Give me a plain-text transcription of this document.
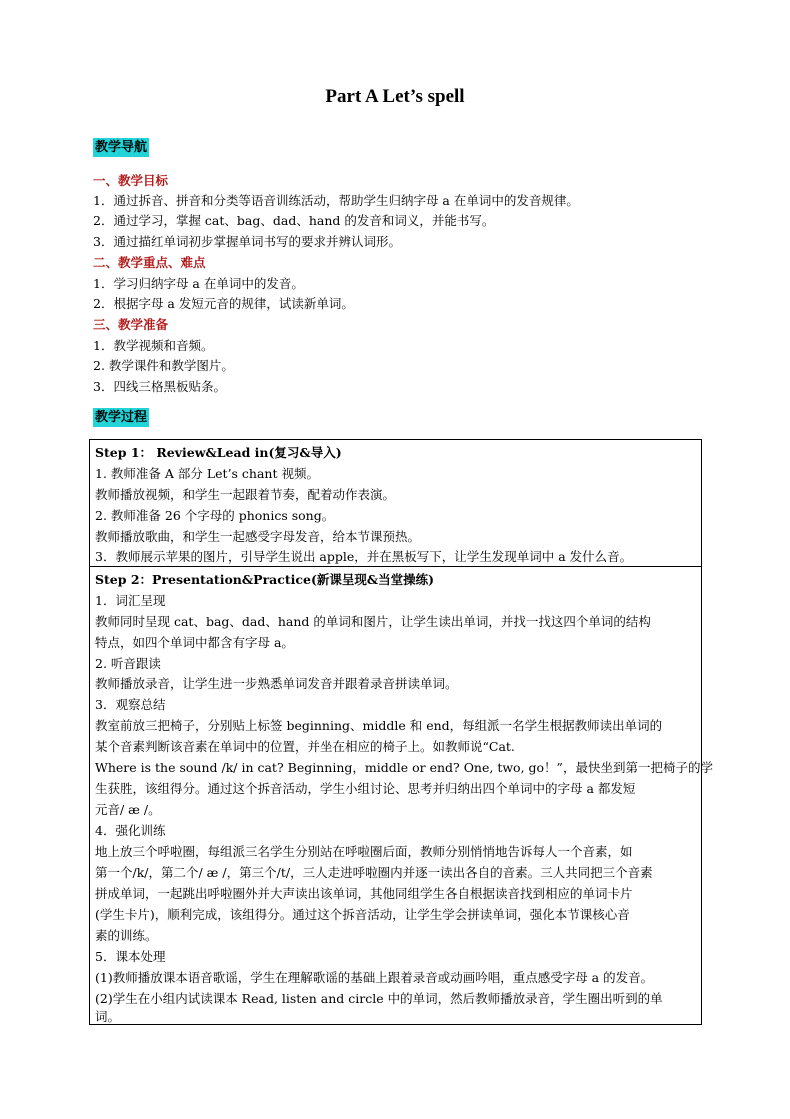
Part A Let’s spell
教学导航
一、教学目标
1．通过拆音、拼音和分类等语音训练活动，帮助学生归纳字母 a 在单词中的发音规律。
2．通过学习，掌握 cat、bag、dad、hand 的发音和词义，并能书写。
3．通过描红单词初步掌握单词书写的要求并辨认词形。
二、教学重点、难点
1．学习归纳字母 a 在单词中的发音。
2．根据字母 a 发短元音的规律，试读新单词。
三、教学准备
1．教学视频和音频。
2. 教学课件和教学图片。
3．四线三格黑板贴条。
教学过程
Step 1： Review&Lead in(复习&导入)
1. 教师准备 A 部分 Let’s chant 视频。
教师播放视频，和学生一起跟着节奏，配着动作表演。
2. 教师准备 26 个字母的 phonics song。
教师播放歌曲，和学生一起感受字母发音，给本节课预热。
3．教师展示苹果的图片，引导学生说出 apple，并在黑板写下，让学生发现单词中 a 发什么音。
Step 2：Presentation&Practice(新课呈现&当堂操练)
1．词汇呈现
教师同时呈现 cat、bag、dad、hand 的单词和图片，让学生读出单词，并找一找这四个单词的结构
特点，如四个单词中都含有字母 a。
2. 听音跟读
教师播放录音，让学生进一步熟悉单词发音并跟着录音拼读单词。
3．观察总结
教室前放三把椅子，分别贴上标签 beginning、middle 和 end，每组派一名学生根据教师读出单词的
某个音素判断该音素在单词中的位置，并坐在相应的椅子上。如教师说“Cat.
Where is the sound /k/ in cat? Beginning，middle or end? One, two, go！”，最快坐到第一把椅子的学
生获胜，该组得分。通过这个拆音活动，学生小组讨论、思考并归纳出四个单词中的字母 a 都发短
元音/ æ /。
4．强化训练
地上放三个呼啦圈，每组派三名学生分别站在呼啦圈后面，教师分别悄悄地告诉每人一个音素，如
第一个/k/，第二个/ æ /，第三个/t/，三人走进呼啦圈内并逐一读出各自的音素。三人共同把三个音素
拼成单词，一起跳出呼啦圈外并大声读出该单词，其他同组学生各自根据读音找到相应的单词卡片
(学生卡片)，顺利完成，该组得分。通过这个拆音活动，让学生学会拼读单词，强化本节课核心音
素的训练。
5．课本处理
(1)教师播放课本语音歌谣，学生在理解歌谣的基础上跟着录音或动画吟唱，重点感受字母 a 的发音。
(2)学生在小组内试读课本 Read, listen and circle 中的单词，然后教师播放录音，学生圈出听到的单
词。
